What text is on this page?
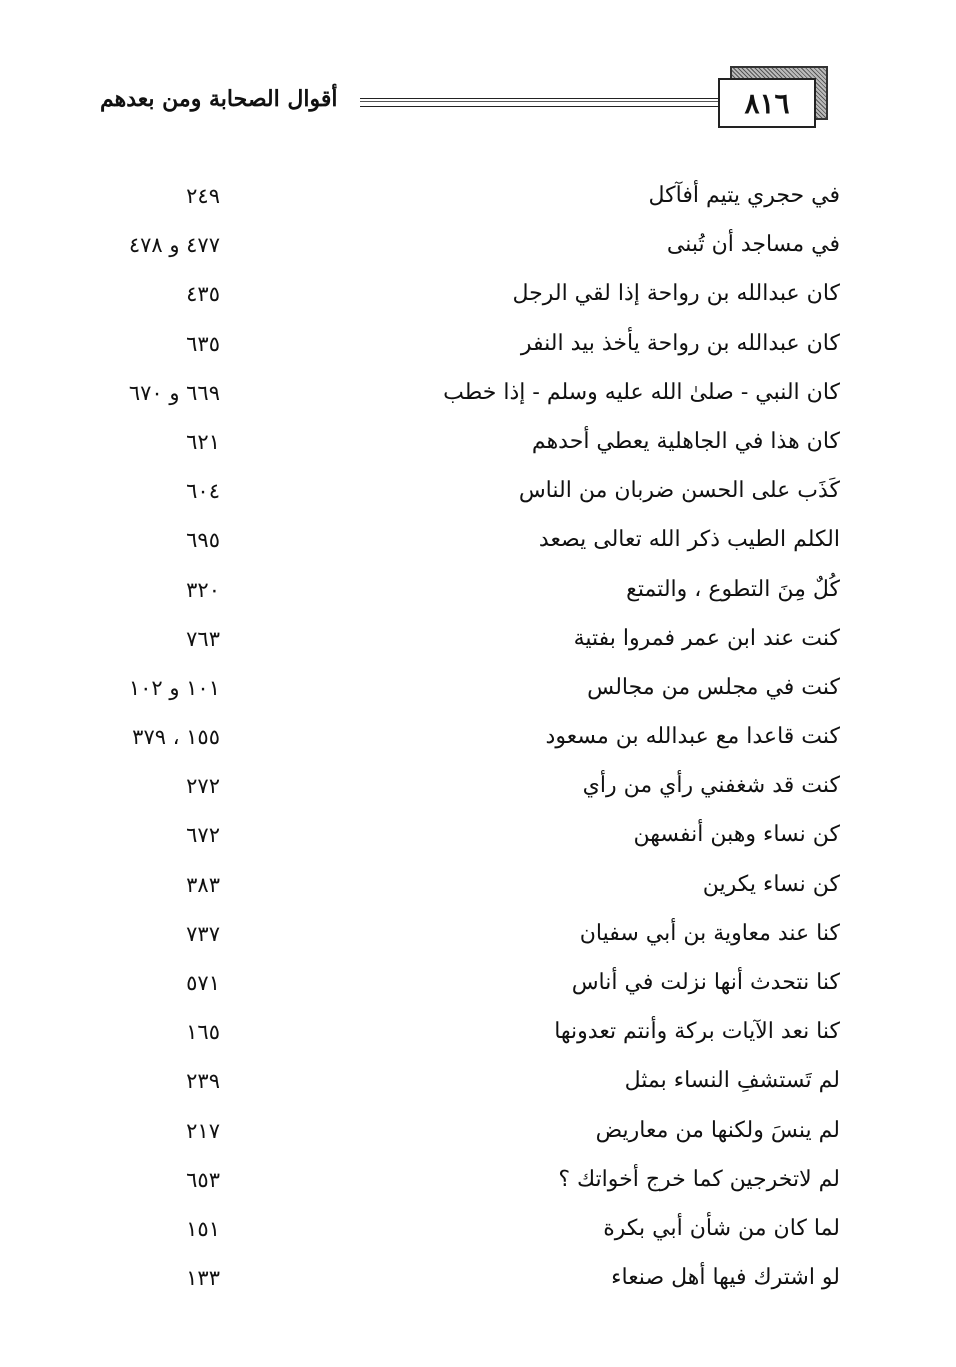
٨١٦
أقوال الصحابة ومن بعدهم
في حجري يتيم أفآكل
٢٤٩
في مساجد أن تُبنى
٤٧٧ و ٤٧٨
كان عبدالله بن رواحة إذا لقي الرجل
٤٣٥
كان عبدالله بن رواحة يأخذ بيد النفر
٦٣٥
كان النبي - صلىٰ الله عليه وسلم - إذا خطب
٦٦٩ و ٦٧٠
كان هذا في الجاهلية يعطي أحدهم
٦٢١
كَذَب على الحسن ضربان من الناس
٦٠٤
الكلم الطيب ذكر الله تعالى يصعد
٦٩٥
كُلٌ مِنَ التطوع ، والتمتع
٣٢٠
كنت عند ابن عمر فمروا بفتية
٧٦٣
كنت في مجلس من مجالس
١٠١ و ١٠٢
كنت قاعدا مع عبدالله بن مسعود
١٥٥ ، ٣٧٩
كنت قد شغفني رأي من رأي
٢٧٢
كن نساء وهبن أنفسهن
٦٧٢
كن نساء يكرين
٣٨٣
كنا عند معاوية بن أبي سفيان
٧٣٧
كنا نتحدث أنها نزلت في أناس
٥٧١
كنا نعد الآيات بركة وأنتم تعدونها
١٦٥
لم تَستشفِ النساء بمثل
٢٣٩
لم ينسَ ولكنها من معاريض
٢١٧
لم لاتخرجين كما خرج أخواتك ؟
٦٥٣
لما كان من شأن أبي بكرة
١٥١
لو اشترك فيها أهل صنعاء
١٣٣
